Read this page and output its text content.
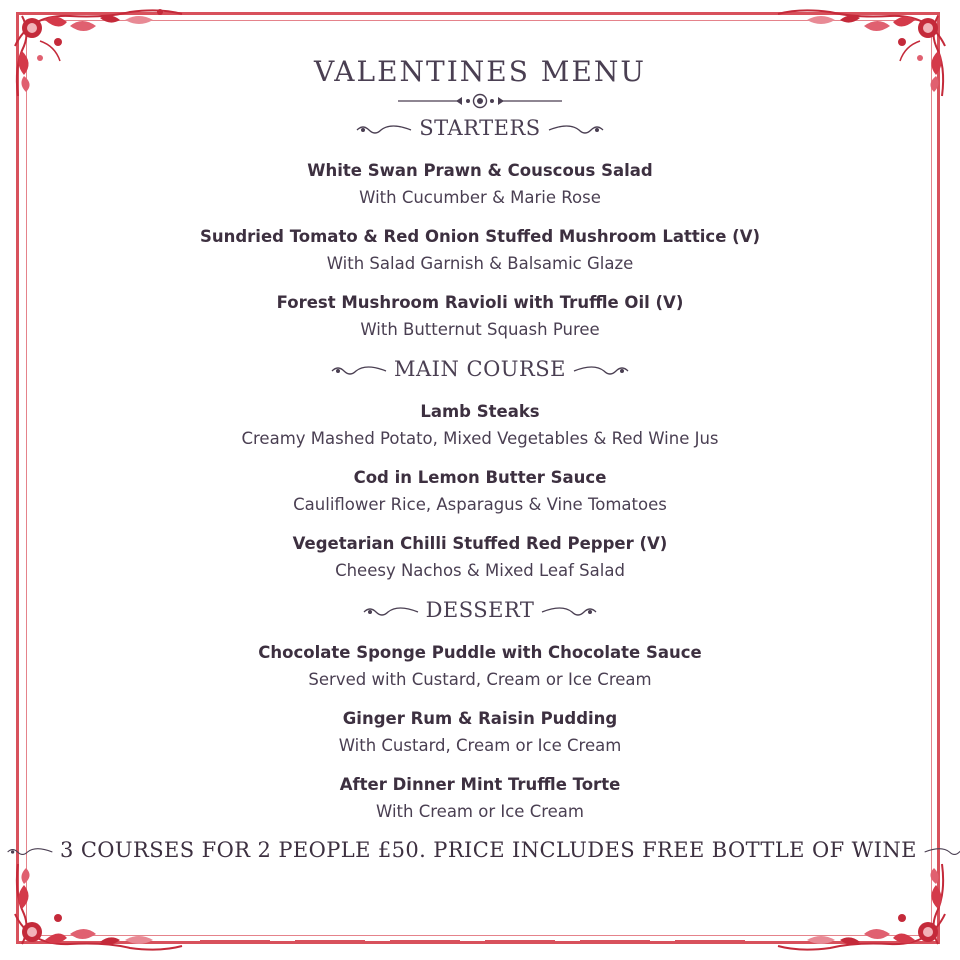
VALENTINES MENU
STARTERS
White Swan Prawn & Couscous Salad
With Cucumber & Marie Rose
Sundried Tomato & Red Onion Stuffed Mushroom Lattice (V)
With Salad Garnish & Balsamic Glaze
Forest Mushroom Ravioli with Truffle Oil (V)
With Butternut Squash Puree
MAIN COURSE
Lamb Steaks
Creamy Mashed Potato, Mixed Vegetables & Red Wine Jus
Cod in Lemon Butter Sauce
Cauliflower Rice, Asparagus & Vine Tomatoes
Vegetarian Chilli Stuffed Red Pepper (V)
Cheesy Nachos & Mixed Leaf Salad
DESSERT
Chocolate Sponge Puddle with Chocolate Sauce
Served with Custard, Cream or Ice Cream
Ginger Rum & Raisin Pudding
With Custard, Cream or Ice Cream
After Dinner Mint Truffle Torte
With Cream or Ice Cream
3 COURSES FOR 2 PEOPLE £50. PRICE INCLUDES FREE BOTTLE OF WINE
